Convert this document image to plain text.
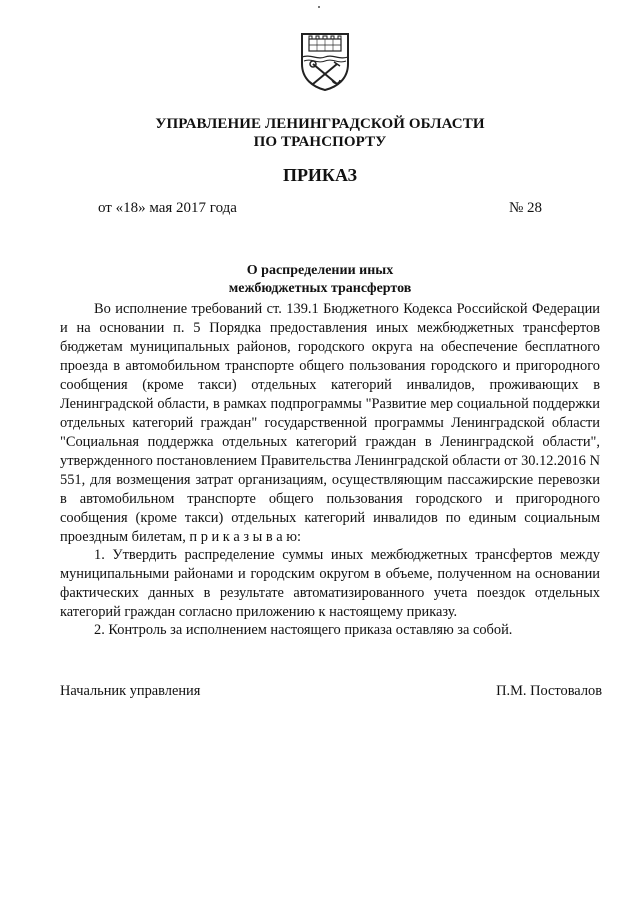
УПРАВЛЕНИЕ ЛЕНИНГРАДСКОЙ ОБЛАСТИ
ПО ТРАНСПОРТУ
ПРИКАЗ
от «18» мая 2017 года	№ 28
О распределении иных
межбюджетных трансфертов

Во исполнение требований ст. 139.1 Бюджетного Кодекса Российской Федерации и на основании п. 5 Порядка предоставления иных межбюджетных трансфертов бюджетам муниципальных районов, городского округа на обеспечение бесплатного проезда в автомобильном транспорте общего пользования городского и пригородного сообщения (кроме такси) отдельных категорий инвалидов, проживающих в Ленинградской области, в рамках подпрограммы "Развитие мер социальной поддержки отдельных категорий граждан" государственной программы Ленинградской области "Социальная поддержка отдельных категорий граждан в Ленинградской области", утвержденного постановлением Правительства Ленинградской области от 30.12.2016 N 551, для возмещения затрат организациям, осуществляющим пассажирские перевозки в автомобильном транспорте общего пользования городского и пригородного сообщения (кроме такси) отдельных категорий инвалидов по единым социальным проездным билетам, п р и к а з ы в а ю:

1. Утвердить распределение суммы иных межбюджетных трансфертов между муниципальными районами и городским округом в объеме, полученном на основании фактических данных в результате автоматизированного учета поездок отдельных категорий граждан согласно приложению к настоящему приказу.

2. Контроль за исполнением настоящего приказа оставляю за собой.

Начальник управления	П.М. Постовалов
